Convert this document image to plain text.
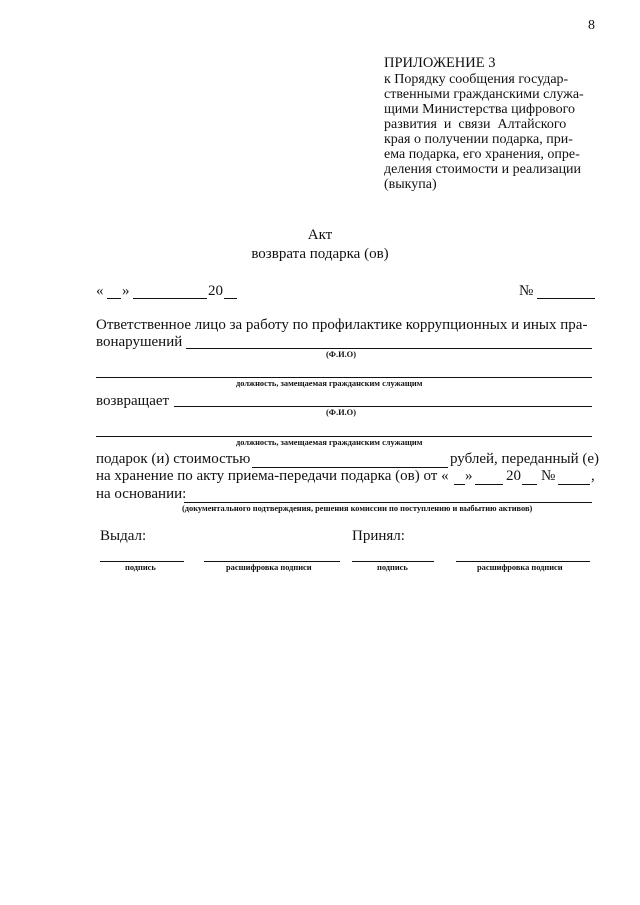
8
ПРИЛОЖЕНИЕ 3
к Порядку сообщения государ-
ственными гражданскими служа-
щими Министерства цифрового
развития  и  связи  Алтайского
края о получении подарка, при-
ема подарка, его хранения, опре-
деления стоимости и реализации
(выкупа)
Акт
возврата подарка (ов)
« »	20	№
Ответственное лицо за работу по профилактике коррупционных и иных пра-
вонарушений
(Ф.И.О)
должность, замещаемая гражданским служащим
возвращает
(Ф.И.О)
должность, замещаемая гражданским служащим
подарок (и) стоимостью	рублей, переданный (е)
на хранение по акту приема-передачи подарка (ов) от « » 20 № ,
на основании:
(документального подтверждения, решения комиссии по поступлению и выбытию активов)
Выдал:	Принял:
подпись	расшифровка подписи	подпись	расшифровка подписи
